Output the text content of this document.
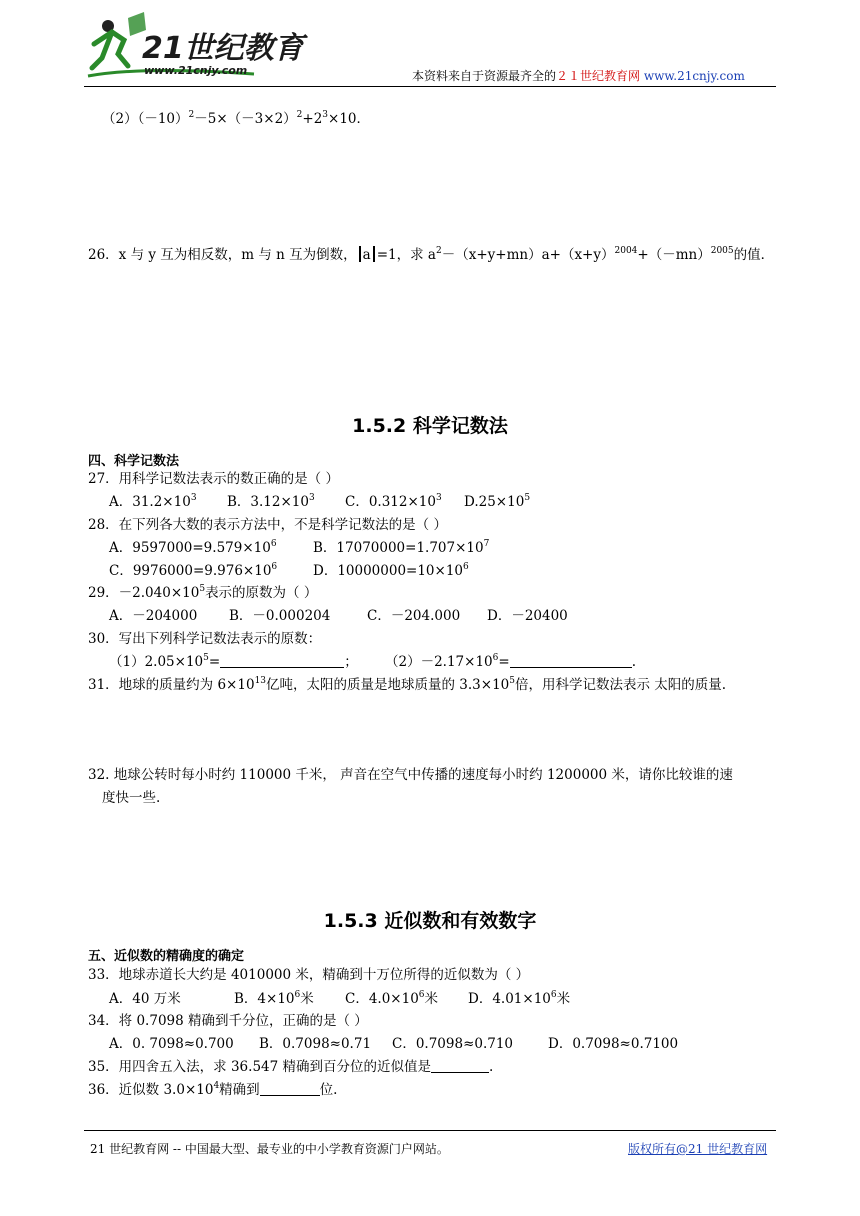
21世纪教育
www.21cnjy.com	本资料来自于资源最齐全的２１世纪教育网 www.21cnjy.com
$(2)(-10)^2-5\times(-3\times 2)^2+2^3\times 10$．
26．x 与 y 互为相反数，m 与 n 互为倒数， a =1，求 $a^2-(x+y+mn)a+(x+y)^{2004}+(-mn)^{2005}$的值．
1.5.2 科学记数法
四、科学记数法
27．用科学记数法表示的数正确的是（ ）
A．$31.2\times 10^3$ B．$3.12\times 10^3$ C．$0.312\times 10^3$ $D.25\times 10^5$
28．在下列各大数的表示方法中，不是科学记数法的是（ ）
A．$9597000=9.579\times 10^6$	B．$17070000=1.707\times 10^7$
C．$9976000=9.976\times 10^6$	D．$10000000=10\times 10^6$
29．$-2.040\times 10^5$表示的原数为（ ）
A．－204000 B．－0.000204	C．－204.000 D．－20400
30．写出下列科学记数法表示的原数：
$(1)2.05\times 10^5=$	； $(2)-2.17\times 10^6=$	.
31．地球的质量约为 $6\times 10^{13}$亿吨，太阳的质量是地球质量的 $3.3\times 10^5$倍，用科学记数法表示 太阳的质量.
32. 地球公转时每小时约 110000 千米， 声音在空气中传播的速度每小时约 1200000 米，请你比较谁的速
度快一些.
1.5.3 近似数和有效数字
五、近似数的精确度的确定
33．地球赤道长大约是 4010000 米，精确到十万位所得的近似数为（ ）
A．40 万米	B．$4\times 10^6$米 C．$4.0\times 10^6$米 D．$4.01\times 10^6$米
34．将 0.7098 精确到千分位，正确的是（ ）
A．0. 7098≈0.700 B．0.7098≈0.71 C．0.7098≈0.710	D．0.7098≈0.7100
35．用四舍五入法，求 36.547 精确到百分位的近似值是	.
36．近似数 $3.0\times 10^4$精确到	位.
21 世纪教育网 -- 中国最大型、最专业的中小学教育资源门户网站。	版权所有@21 世纪教育网
